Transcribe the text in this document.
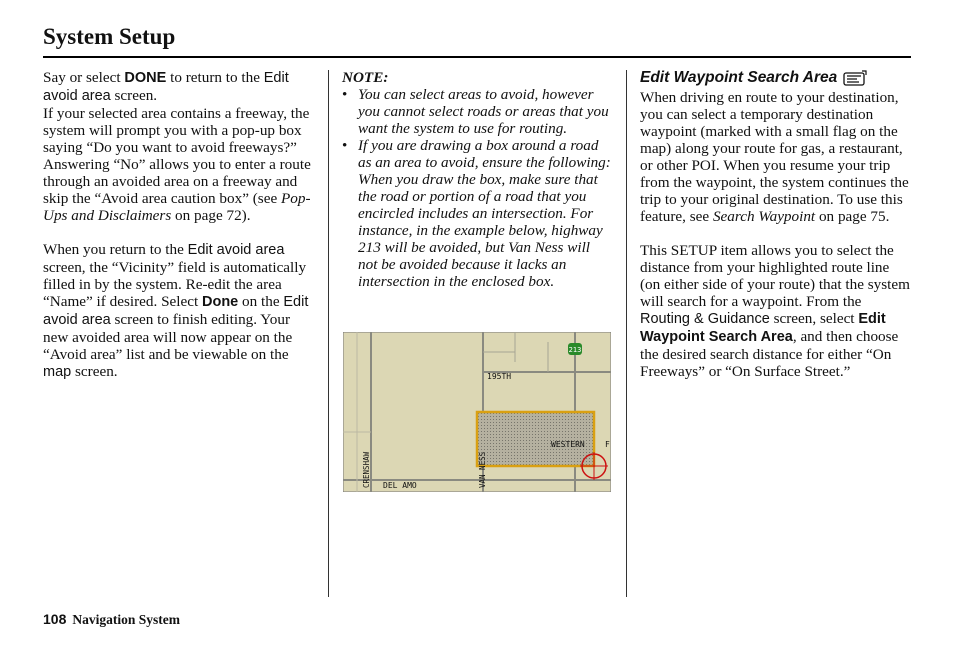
System Setup

Say or select DONE to return to the Edit avoid area screen.

If your selected area contains a freeway, the system will prompt you with a pop-up box saying “Do you want to avoid freeways?” Answering “No” allows you to enter a route through an avoided area on a freeway and skip the “Avoid area caution box” (see Pop-Ups and Disclaimers on page 72).

When you return to the Edit avoid area screen, the “Vicinity” field is automatically filled in by the system. Re-edit the area “Name” if desired. Select Done on the Edit avoid area screen to finish editing. Your new avoided area will now appear on the “Avoid area” list and be viewable on the map screen.

NOTE:

• You can select areas to avoid, however you cannot select roads or areas that you want the system to use for routing.
• If you are drawing a box around a road as an area to avoid, ensure the following: When you draw the box, make sure that the road or portion of a road that you encircled includes an intersection. For instance, in the example below, highway 213 will be avoided, but Van Ness will not be avoided because it lacks an intersection in the enclosed box.
213
195TH
WESTERN	F
DEL AMO
CRENSHAW	VAN NESS
Edit Waypoint Search Area

When driving en route to your destination, you can select a temporary destination waypoint (marked with a small flag on the map) along your route for gas, a restaurant, or other POI. When you resume your trip from the waypoint, the system continues the trip to your original destination. To use this feature, see Search Waypoint on page 75.

This SETUP item allows you to select the distance from your highlighted route line (on either side of your route) that the system will search for a waypoint. From the Routing & Guidance screen, select Edit Waypoint Search Area, and then choose the desired search distance for either “On Freeways” or “On Surface Street.”

108 Navigation System
